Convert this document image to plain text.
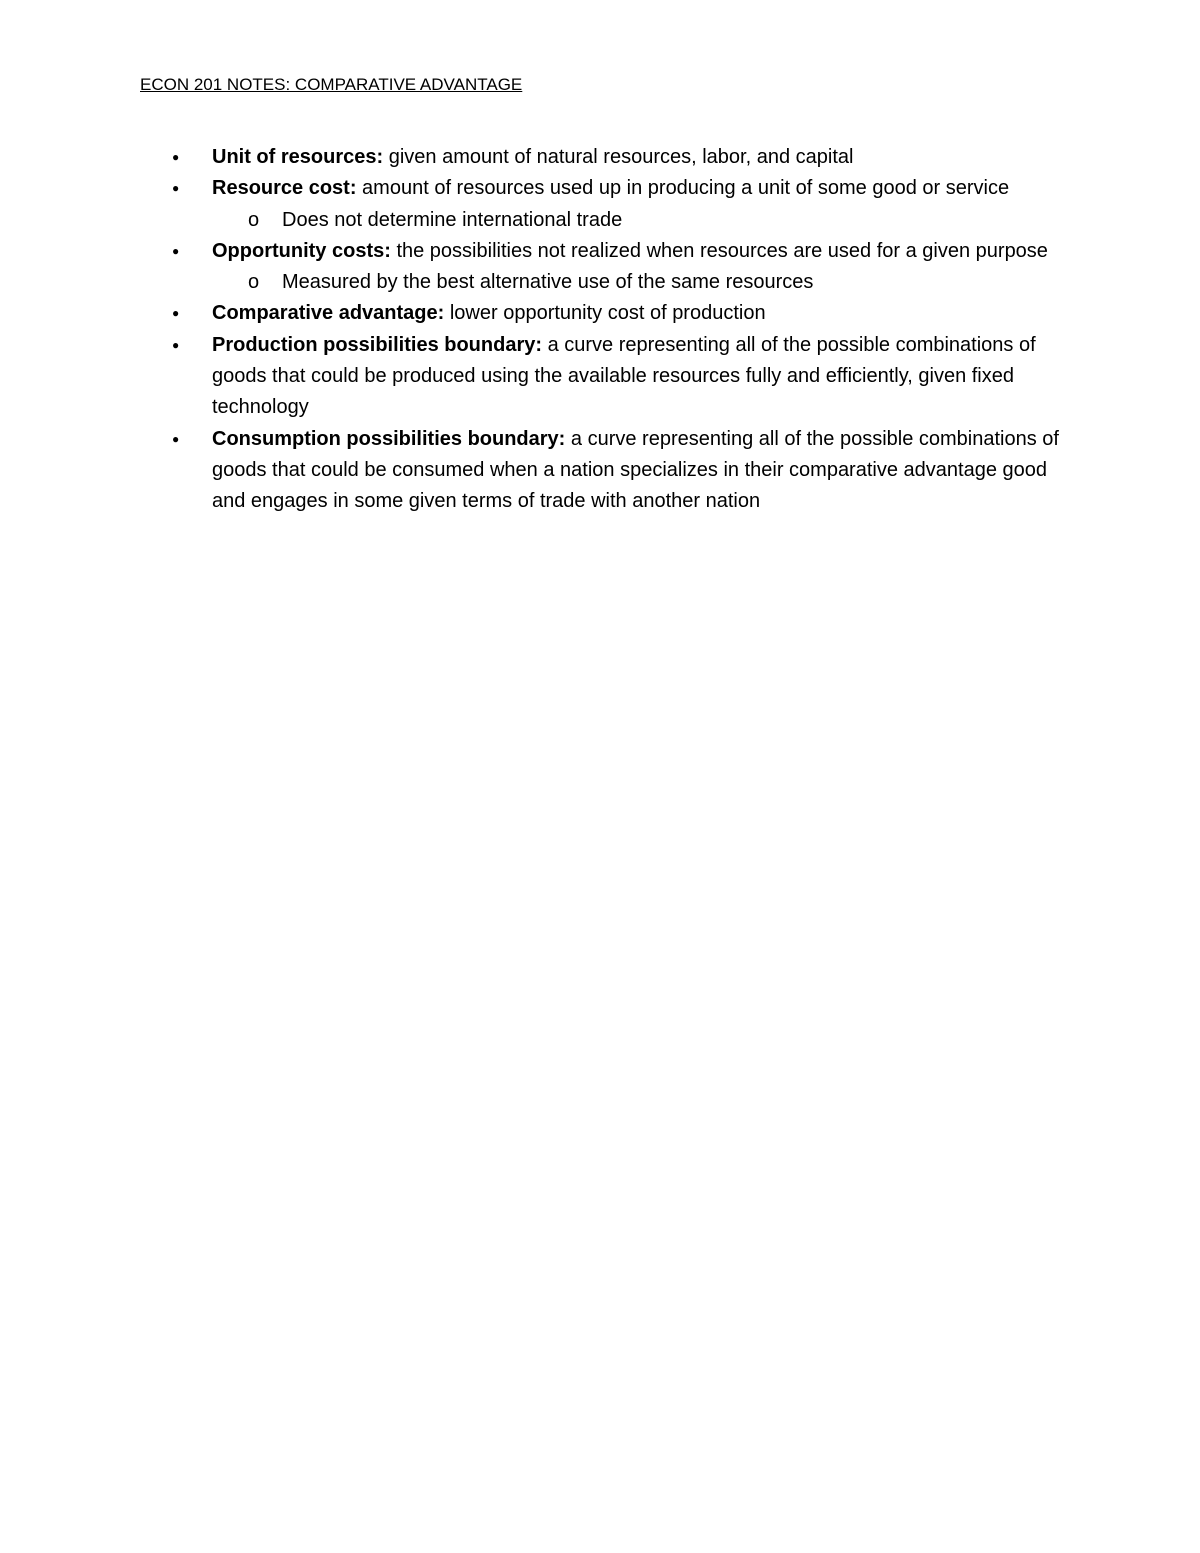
ECON 201 NOTES: COMPARATIVE ADVANTAGE
● Unit of resources: given amount of natural resources, labor, and capital
● Resource cost: amount of resources used up in producing a unit of some good or service
o Does not determine international trade
● Opportunity costs: the possibilities not realized when resources are used for a given purpose
o Measured by the best alternative use of the same resources
● Comparative advantage: lower opportunity cost of production
● Production possibilities boundary: a curve representing all of the possible combinations of goods that could be produced using the available resources fully and efficiently, given fixed technology
● Consumption possibilities boundary: a curve representing all of the possible combinations of goods that could be consumed when a nation specializes in their comparative advantage good and engages in some given terms of trade with another nation
